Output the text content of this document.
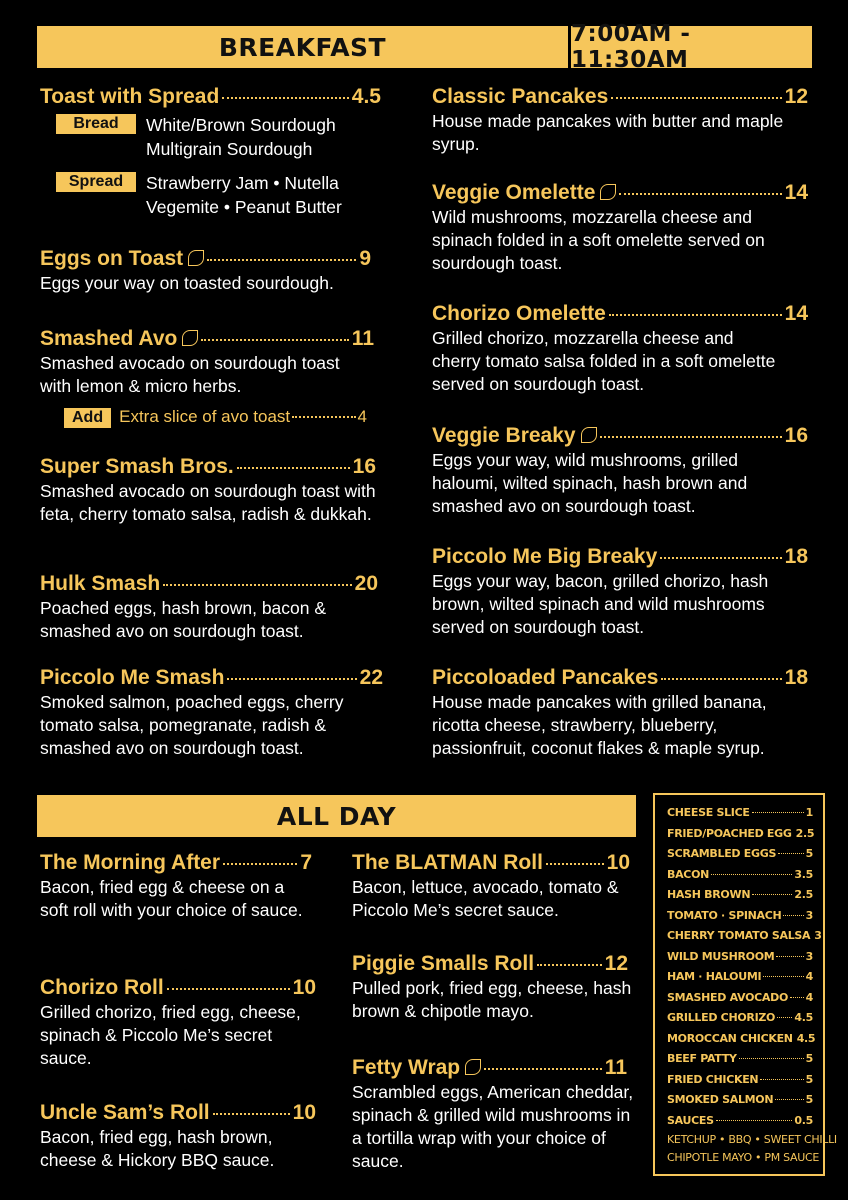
BREAKFAST	7:00AM - 11:30AM
Toast with Spread	4.5
Bread	White/Brown Sourdough
Multigrain Sourdough
Spread	Strawberry Jam • Nutella
Vegemite • Peanut Butter
Eggs on Toast	9
Eggs your way on toasted sourdough.
Smashed Avo	11
Smashed avocado on sourdough toast with lemon & micro herbs.
Add Extra slice of avo toast	4
Super Smash Bros.	16
Smashed avocado on sourdough toast with feta, cherry tomato salsa, radish & dukkah.
Hulk Smash	20
Poached eggs, hash brown, bacon & smashed avo on sourdough toast.
Piccolo Me Smash	22
Smoked salmon, poached eggs, cherry tomato salsa, pomegranate, radish & smashed avo on sourdough toast.
Classic Pancakes	12
House made pancakes with butter and maple syrup.
Veggie Omelette	14
Wild mushrooms, mozzarella cheese and spinach folded in a soft omelette served on sourdough toast.
Chorizo Omelette	14
Grilled chorizo, mozzarella cheese and cherry tomato salsa folded in a soft omelette served on sourdough toast.
Veggie Breaky	16
Eggs your way, wild mushrooms, grilled haloumi, wilted spinach, hash brown and smashed avo on sourdough toast.
Piccolo Me Big Breaky	18
Eggs your way, bacon, grilled chorizo, hash brown, wilted spinach and wild mushrooms served on sourdough toast.
Piccoloaded Pancakes	18
House made pancakes with grilled banana, ricotta cheese, strawberry, blueberry, passionfruit, coconut flakes & maple syrup.
ALL DAY
The Morning After	7
Bacon, fried egg & cheese on a soft roll with your choice of sauce.
Chorizo Roll	10
Grilled chorizo, fried egg, cheese, spinach & Piccolo Me’s secret sauce.
Uncle Sam’s Roll	10
Bacon, fried egg, hash brown, cheese & Hickory BBQ sauce.
The BLATMAN Roll	10
Bacon, lettuce, avocado, tomato & Piccolo Me’s secret sauce.
Piggie Smalls Roll	12
Pulled pork, fried egg, cheese, hash brown & chipotle mayo.
Fetty Wrap	11
Scrambled eggs, American cheddar, spinach & grilled wild mushrooms in a tortilla wrap with your choice of sauce.
CHEESE SLICE	1
FRIED/POACHED EGG 2.5
SCRAMBLED EGGS	5
BACON	3.5
HASH BROWN	2.5
TOMATO · SPINACH 3
CHERRY TOMATO SALSA 3
WILD MUSHROOM	3
HAM · HALOUMI	4
SMASHED AVOCADO 4
GRILLED CHORIZO 4.5
MOROCCAN CHICKEN 4.5
BEEF PATTY	5
FRIED CHICKEN	5
SMOKED SALMON	5
SAUCES	0.5
KETCHUP • BBQ • SWEET CHILLI
CHIPOTLE MAYO • PM SAUCE
